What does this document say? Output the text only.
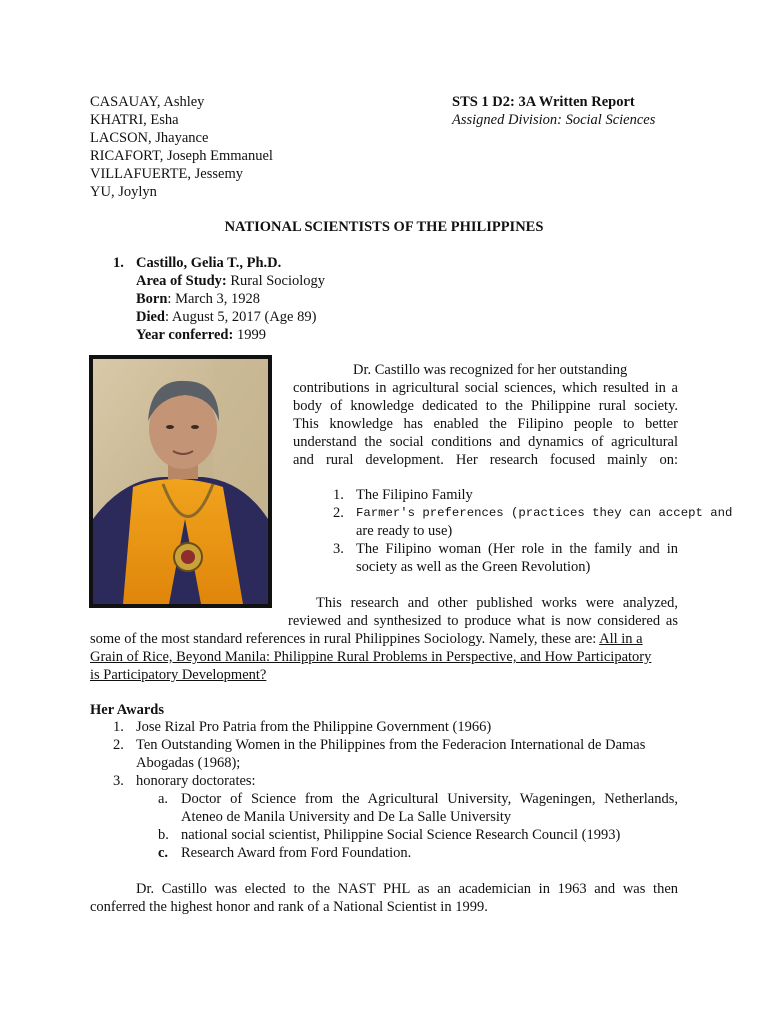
CASAUAY, Ashley
KHATRI, Esha
LACSON, Jhayance
RICAFORT, Joseph Emmanuel
VILLAFUERTE, Jessemy
YU, Joylyn
STS 1 D2: 3A Written Report
Assigned Division: Social Sciences
NATIONAL SCIENTISTS OF THE PHILIPPINES
1. Castillo, Gelia T., Ph.D.
Area of Study: Rural Sociology
Born: March 3, 1928
Died: August 5, 2017 (Age 89)
Year conferred: 1999
Dr. Castillo was recognized for her outstanding
contributions in agricultural social sciences, which resulted in a
body of knowledge dedicated to the Philippine rural society.
This knowledge has enabled the Filipino people to better
understand the social conditions and dynamics of agricultural
and rural development. Her research focused mainly on:
1. The Filipino Family
2. Farmer's preferences (practices they can accept and
are ready to use)
3. The Filipino woman (Her role in the family and in
society as well as the Green Revolution)
This research and other published works were analyzed,
reviewed and synthesized to produce what is now considered as
some of the most standard references in rural Philippines Sociology. Namely, these are: All in a
Grain of Rice, Beyond Manila: Philippine Rural Problems in Perspective, and How Participatory
is Participatory Development?
Her Awards
1. Jose Rizal Pro Patria from the Philippine Government (1966)
2. Ten Outstanding Women in the Philippines from the Federacion International de Damas
Abogadas (1968);
3. honorary doctorates:
a. Doctor of Science from the Agricultural University, Wageningen, Netherlands,
Ateneo de Manila University and De La Salle University
b. national social scientist, Philippine Social Science Research Council (1993)
c. Research Award from Ford Foundation.
Dr. Castillo was elected to the NAST PHL as an academician in 1963 and was then
conferred the highest honor and rank of a National Scientist in 1999.
